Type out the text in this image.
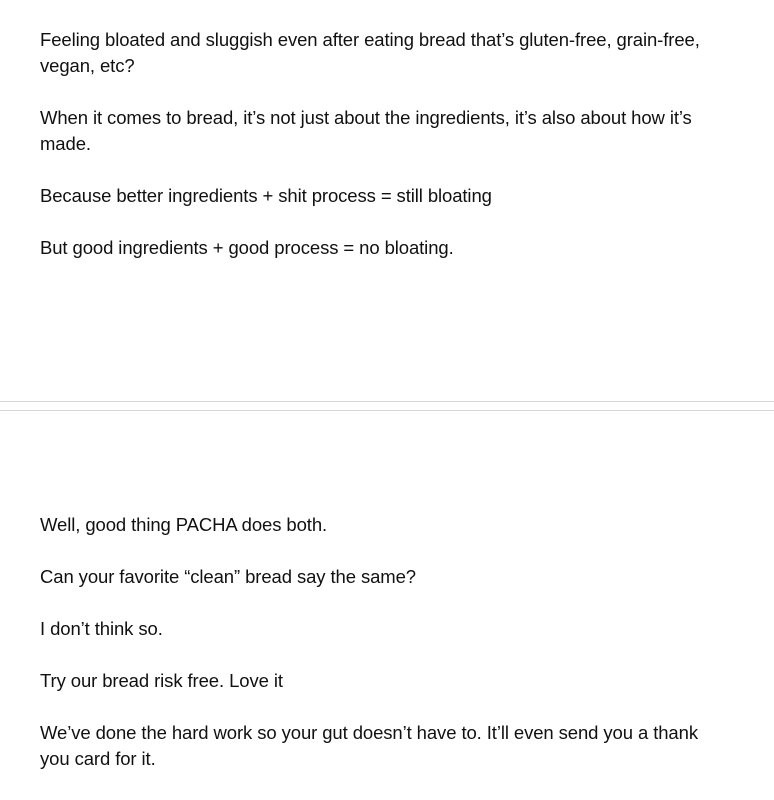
Feeling bloated and sluggish even after eating bread that’s gluten-free, grain-free, vegan, etc?

When it comes to bread, it’s not just about the ingredients, it’s also about how it’s made.

Because better ingredients + shit process = still bloating

But good ingredients + good process = no bloating.

Well, good thing PACHA does both.

Can your favorite “clean” bread say the same?

I don’t think so.

Try our bread risk free. Love it

We’ve done the hard work so your gut doesn’t have to. It’ll even send you a thank you card for it.
